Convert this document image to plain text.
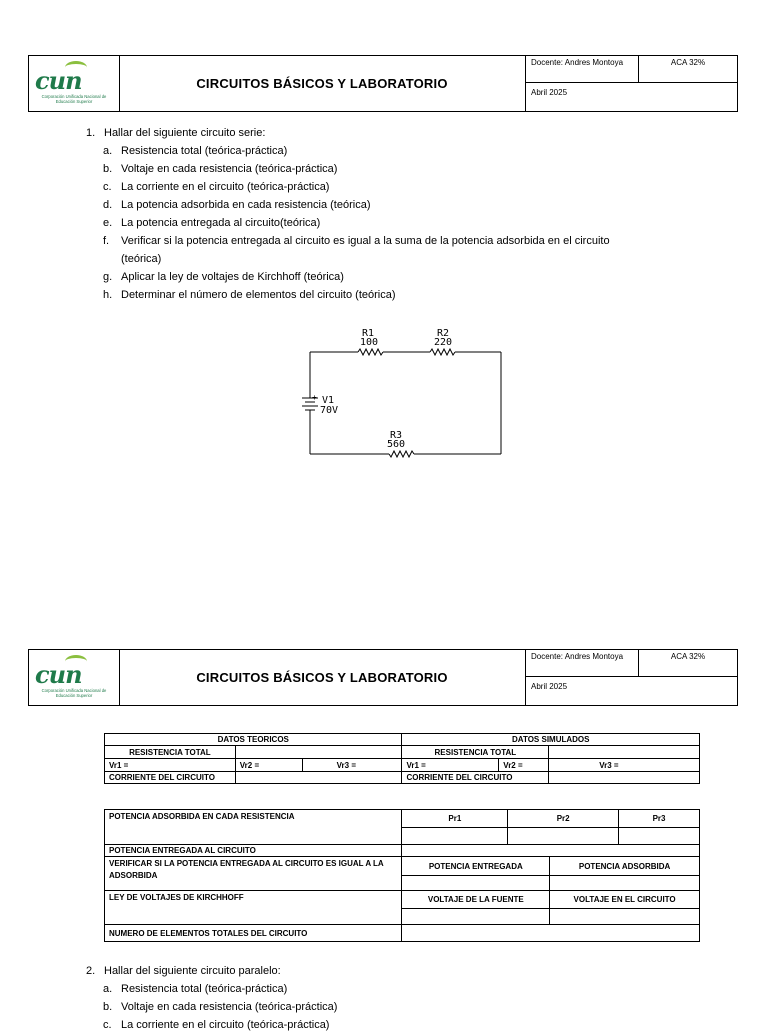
cun
Corporación Unificada Nacional de Educación Superior
CIRCUITOS BÁSICOS Y LABORATORIO
Docente: Andres Montoya	ACA 32%
Abril 2025
1. Hallar del siguiente circuito serie:
a. Resistencia total (teórica-práctica)
b. Voltaje en cada resistencia (teórica-práctica)
c. La corriente en el circuito (teórica-práctica)
d. La potencia adsorbida en cada resistencia (teórica)
e. La potencia entregada al circuito(teórica)
f. Verificar si la potencia entregada al circuito es igual a la suma de la potencia adsorbida en el circuito
(teórica)
g. Aplicar la ley de voltajes de Kirchhoff (teórica)
h. Determinar el número de elementos del circuito (teórica)
+
R1
100
R2
220
V1
70V
R3
560
cun
Corporación Unificada Nacional de Educación Superior
CIRCUITOS BÁSICOS Y LABORATORIO
Docente: Andres Montoya	ACA 32%
Abril 2025
DATOS TEORICOS			DATOS SIMULADOS		
RESISTENCIA TOTAL			RESISTENCIA TOTAL		
Vr1 =	Vr2 =	Vr3 =	Vr1 =	Vr2 =	Vr3 =
CORRIENTE DEL CIRCUITO			CORRIENTE DEL CIRCUITO		
POTENCIA ADSORBIDA EN CADA RESISTENCIA	Pr1	Pr2		Pr3

POTENCIA ENTREGADA AL CIRCUITO				
VERIFICAR SI LA POTENCIA ENTREGADA AL CIRCUITO ES IGUAL A LA ADSORBIDA	POTENCIA ENTREGADA		POTENCIA ADSORBIDA	

LEY DE VOLTAJES DE KIRCHHOFF	VOLTAJE DE LA FUENTE		VOLTAJE EN EL CIRCUITO	

NUMERO DE ELEMENTOS TOTALES DEL CIRCUITO				
2. Hallar del siguiente circuito paralelo:
a. Resistencia total (teórica-práctica)
b. Voltaje en cada resistencia (teórica-práctica)
c. La corriente en el circuito (teórica-práctica)
